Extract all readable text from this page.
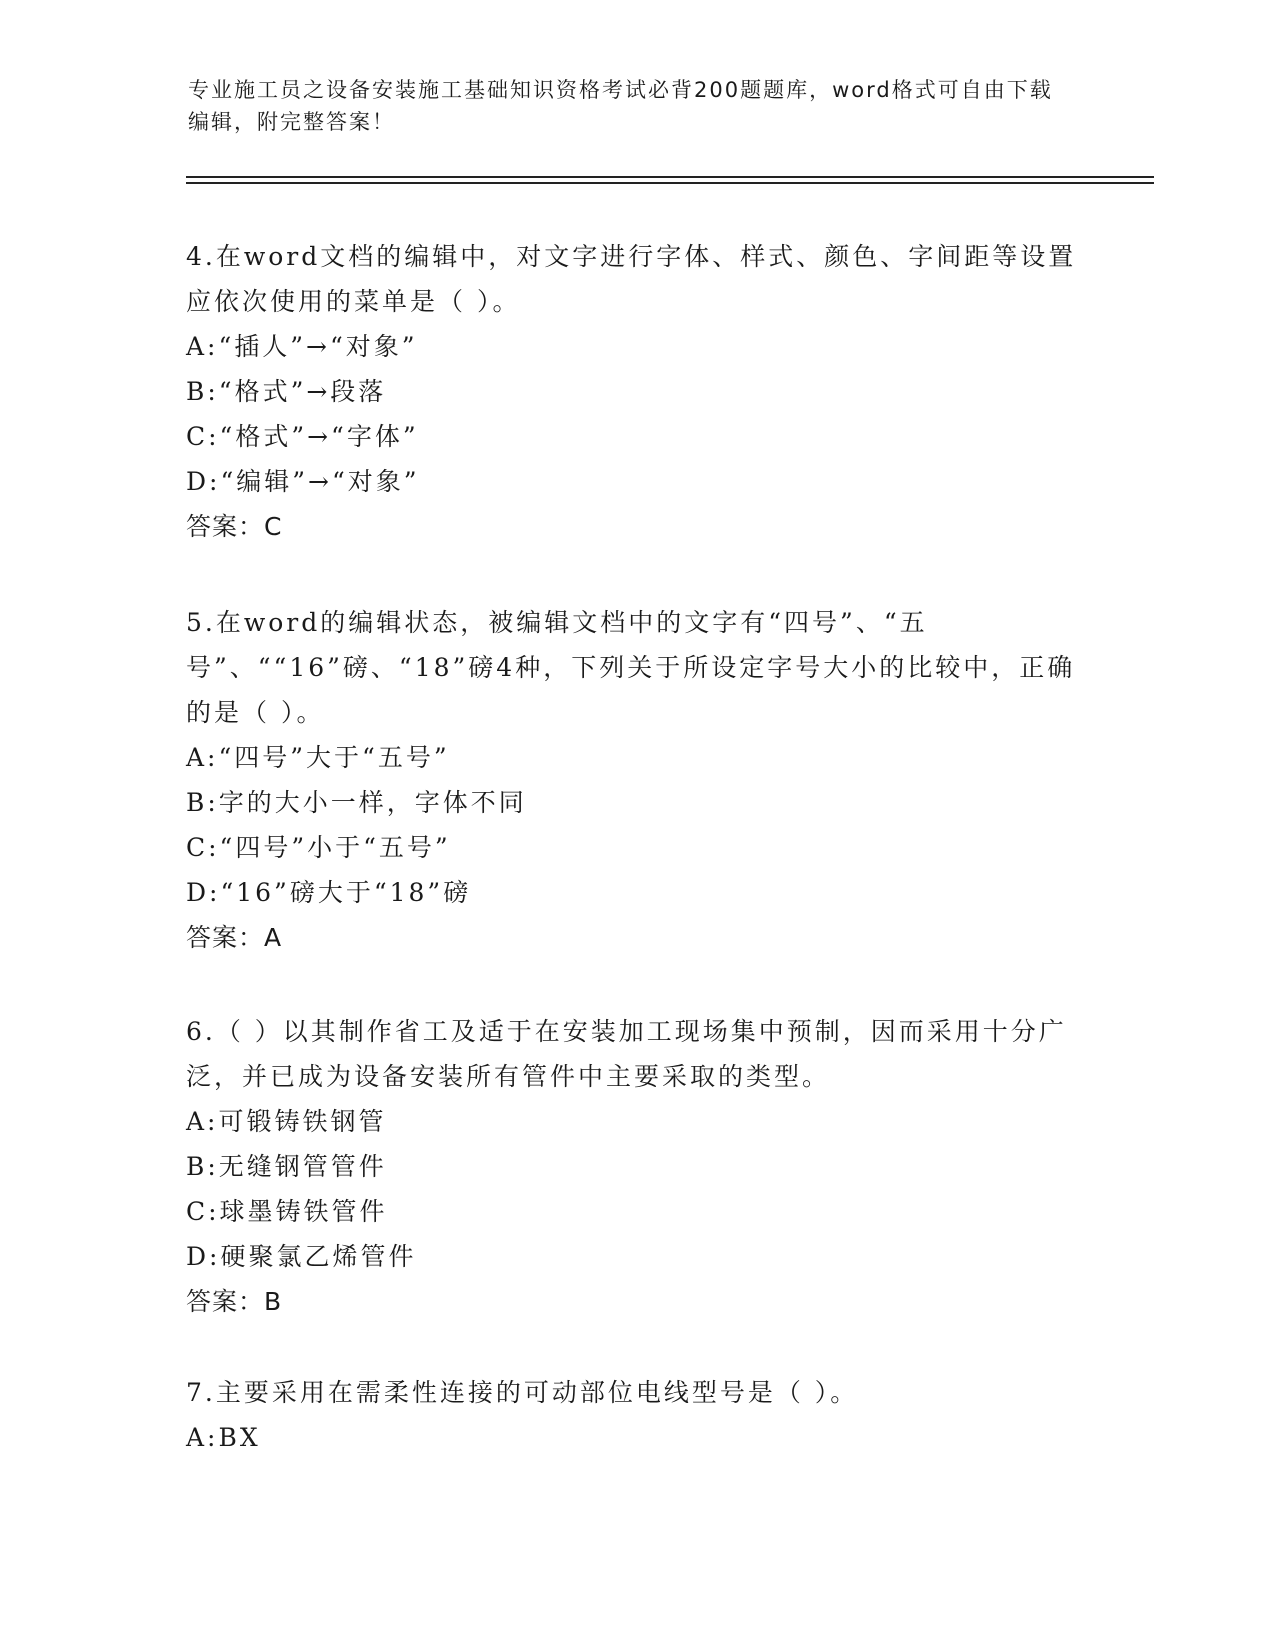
专业施工员之设备安装施工基础知识资格考试必背200题题库，word格式可自由下载编辑，附完整答案！
4.在word文档的编辑中，对文字进行字体、样式、颜色、字间距等设置应依次使用的菜单是（ ）。
A:“插人”→“对象”
B:“格式”→段落
C:“格式”→“字体”
D:“编辑”→“对象”
答案：C
5.在word的编辑状态，被编辑文档中的文字有“四号”、“五号”、““16”磅、“18”磅4种，下列关于所设定字号大小的比较中，正确的是（ ）。
A:“四号”大于“五号”
B:字的大小一样，字体不同
C:“四号”小于“五号”
D:“16”磅大于“18”磅
答案：A
6.（ ）以其制作省工及适于在安装加工现场集中预制，因而采用十分广泛，并已成为设备安装所有管件中主要采取的类型。
A:可锻铸铁钢管
B:无缝钢管管件
C:球墨铸铁管件
D:硬聚氯乙烯管件
答案：B
7.主要采用在需柔性连接的可动部位电线型号是（ ）。
A:BX
